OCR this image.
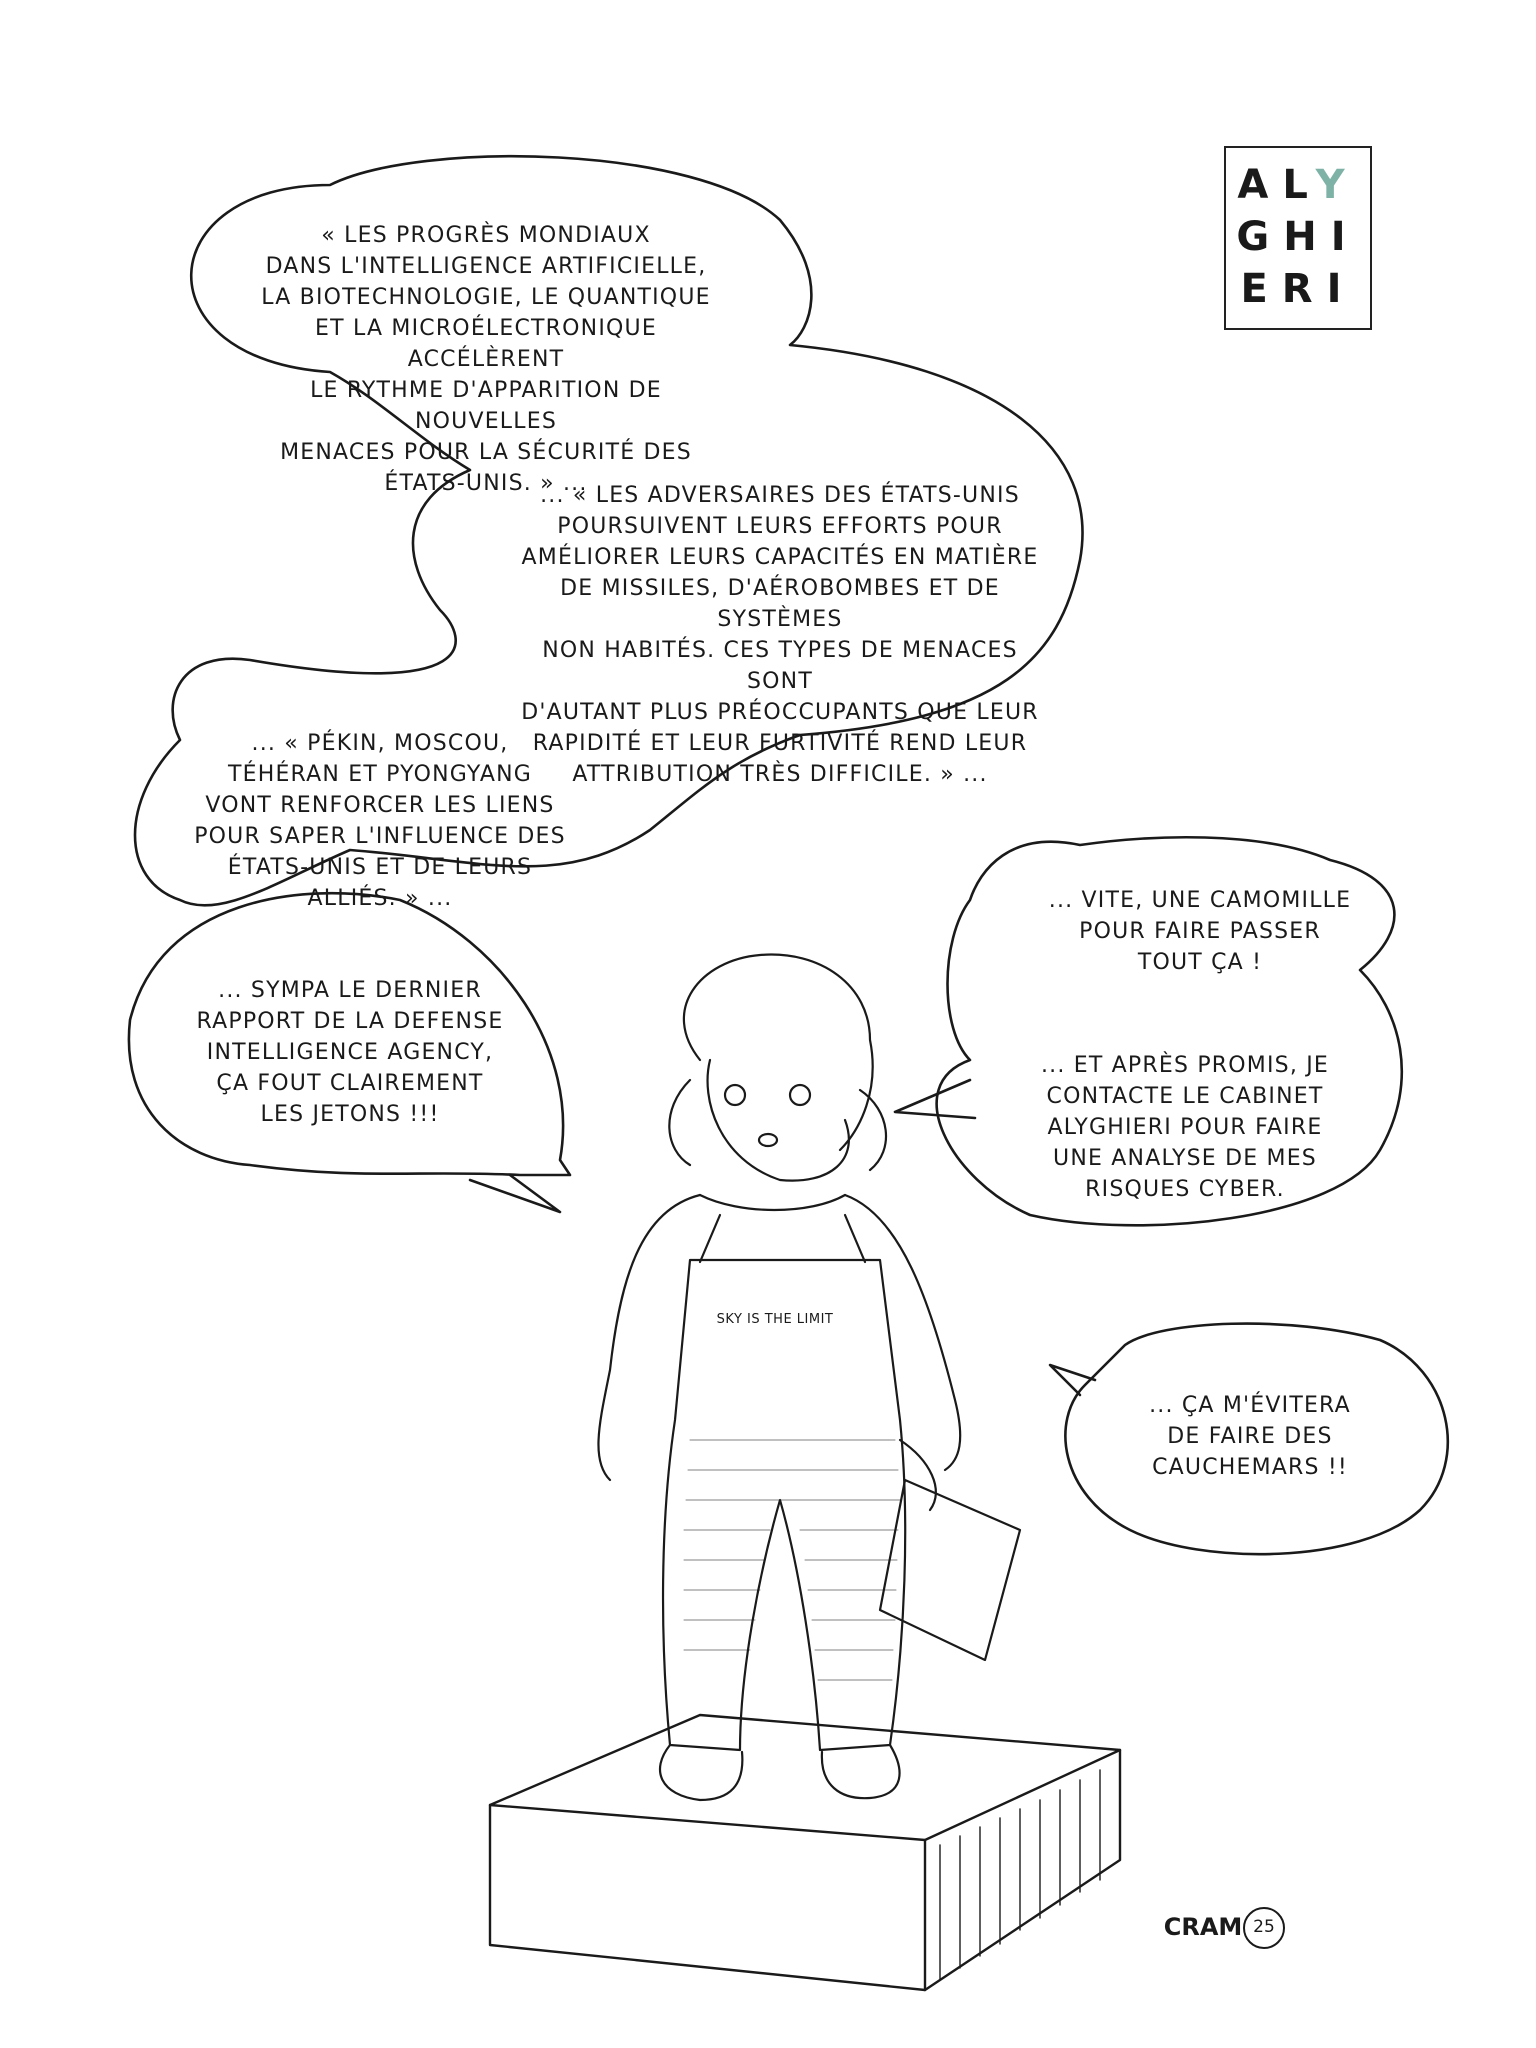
SKY IS THE LIMIT
« LES PROGRÈS MONDIAUX
DANS L'INTELLIGENCE ARTIFICIELLE,
LA BIOTECHNOLOGIE, LE QUANTIQUE
ET LA MICROÉLECTRONIQUE ACCÉLÈRENT
LE RYTHME D'APPARITION DE NOUVELLES
MENACES POUR LA SÉCURITÉ DES
ÉTATS-UNIS. » ...
... « LES ADVERSAIRES DES ÉTATS-UNIS
POURSUIVENT LEURS EFFORTS POUR
AMÉLIORER LEURS CAPACITÉS EN MATIÈRE
DE MISSILES, D'AÉROBOMBES ET DE SYSTÈMES
NON HABITÉS. CES TYPES DE MENACES SONT
D'AUTANT PLUS PRÉOCCUPANTS QUE LEUR
RAPIDITÉ ET LEUR FURTIVITÉ REND LEUR
ATTRIBUTION TRÈS DIFFICILE. » ...
... « PÉKIN, MOSCOU,
TÉHÉRAN ET PYONGYANG
VONT RENFORCER LES LIENS
POUR SAPER L'INFLUENCE DES
ÉTATS-UNIS ET DE LEURS
ALLIÉS. » ...
... SYMPA LE DERNIER
RAPPORT DE LA DEFENSE
INTELLIGENCE AGENCY,
ÇA FOUT CLAIREMENT
LES JETONS !!!
... VITE, UNE CAMOMILLE
POUR FAIRE PASSER
TOUT ÇA !
... ET APRÈS PROMIS, JE
CONTACTE LE CABINET
ALYGHIERI POUR FAIRE
UNE ANALYSE DE MES
RISQUES CYBER.
... ÇA M'ÉVITERA
DE FAIRE DES
CAUCHEMARS !!
ALY
GHI
ERI
CRAM 25
